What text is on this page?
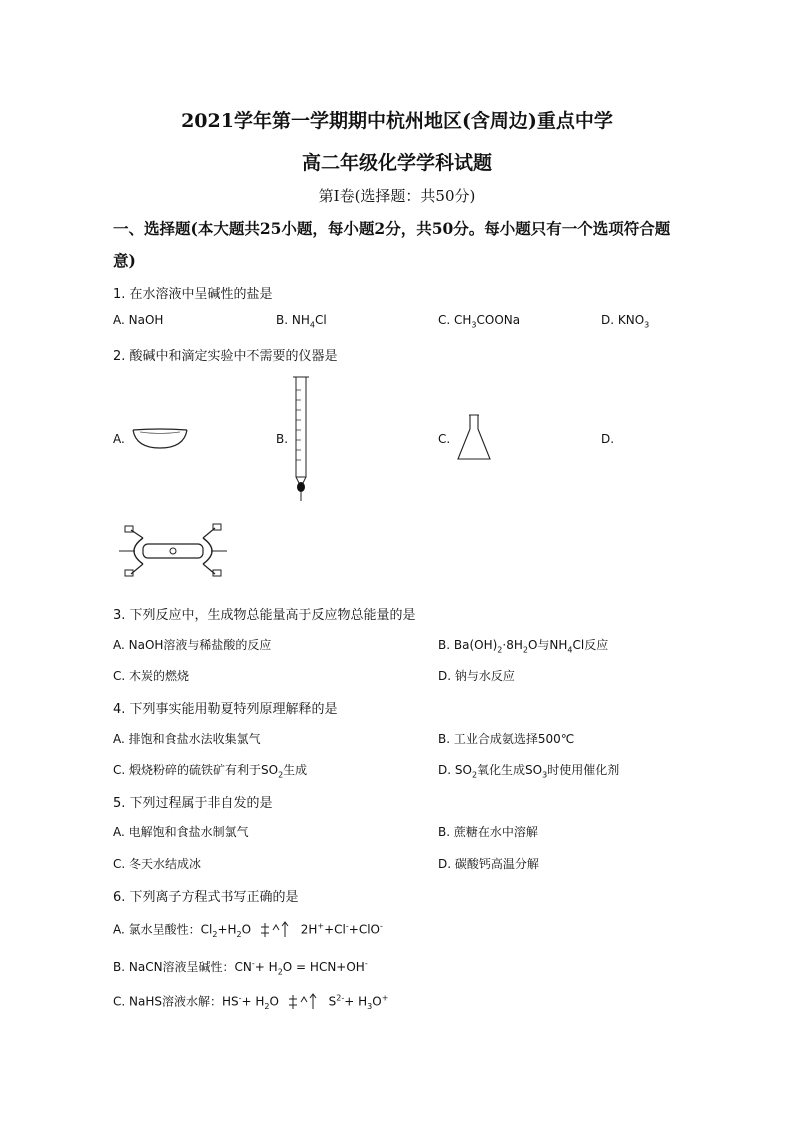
2021学年第一学期期中杭州地区(含周边)重点中学
高二年级化学学科试题
第Ⅰ卷(选择题：共50分)
一、选择题(本大题共25小题，每小题2分，共50分。每小题只有一个选项符合题
意)
1. 在水溶液中呈碱性的盐是
A. NaOH	B. $NH_4Cl$	C. $CH_3COONa$	D. $KNO_3$
2. 酸碱中和滴定实验中不需要的仪器是
A.	B.	C.	D.
3. 下列反应中，生成物总能量高于反应物总能量的是
A. NaOH溶液与稀盐酸的反应	B. $Ba(OH)_2\cdot 8H_2O$与$NH_4Cl$反应
C. 木炭的燃烧	D. 钠与水反应
4. 下列事实能用勒夏特列原理解释的是
A. 排饱和食盐水法收集氯气	B. 工业合成氨选择500℃
C. 煅烧粉碎的硫铁矿有利于$SO_2$生成	D. $SO_2$氧化生成$SO_3$时使用催化剂
5. 下列过程属于非自发的是
A. 电解饱和食盐水制氯气	B. 蔗糖在水中溶解
C. 冬天水结成冰	D. 碳酸钙高温分解
6. 下列离子方程式书写正确的是
A. 氯水呈酸性：$Cl_2+H_2O$	2H++Cl-+ClO-
B. NaCN溶液呈碱性：$CN^-+ H_2O = HCN+OH^-$
C. NaHS溶液水解：$HS^-+ H_2O$	$S^{2-}+ H_3O^+$
